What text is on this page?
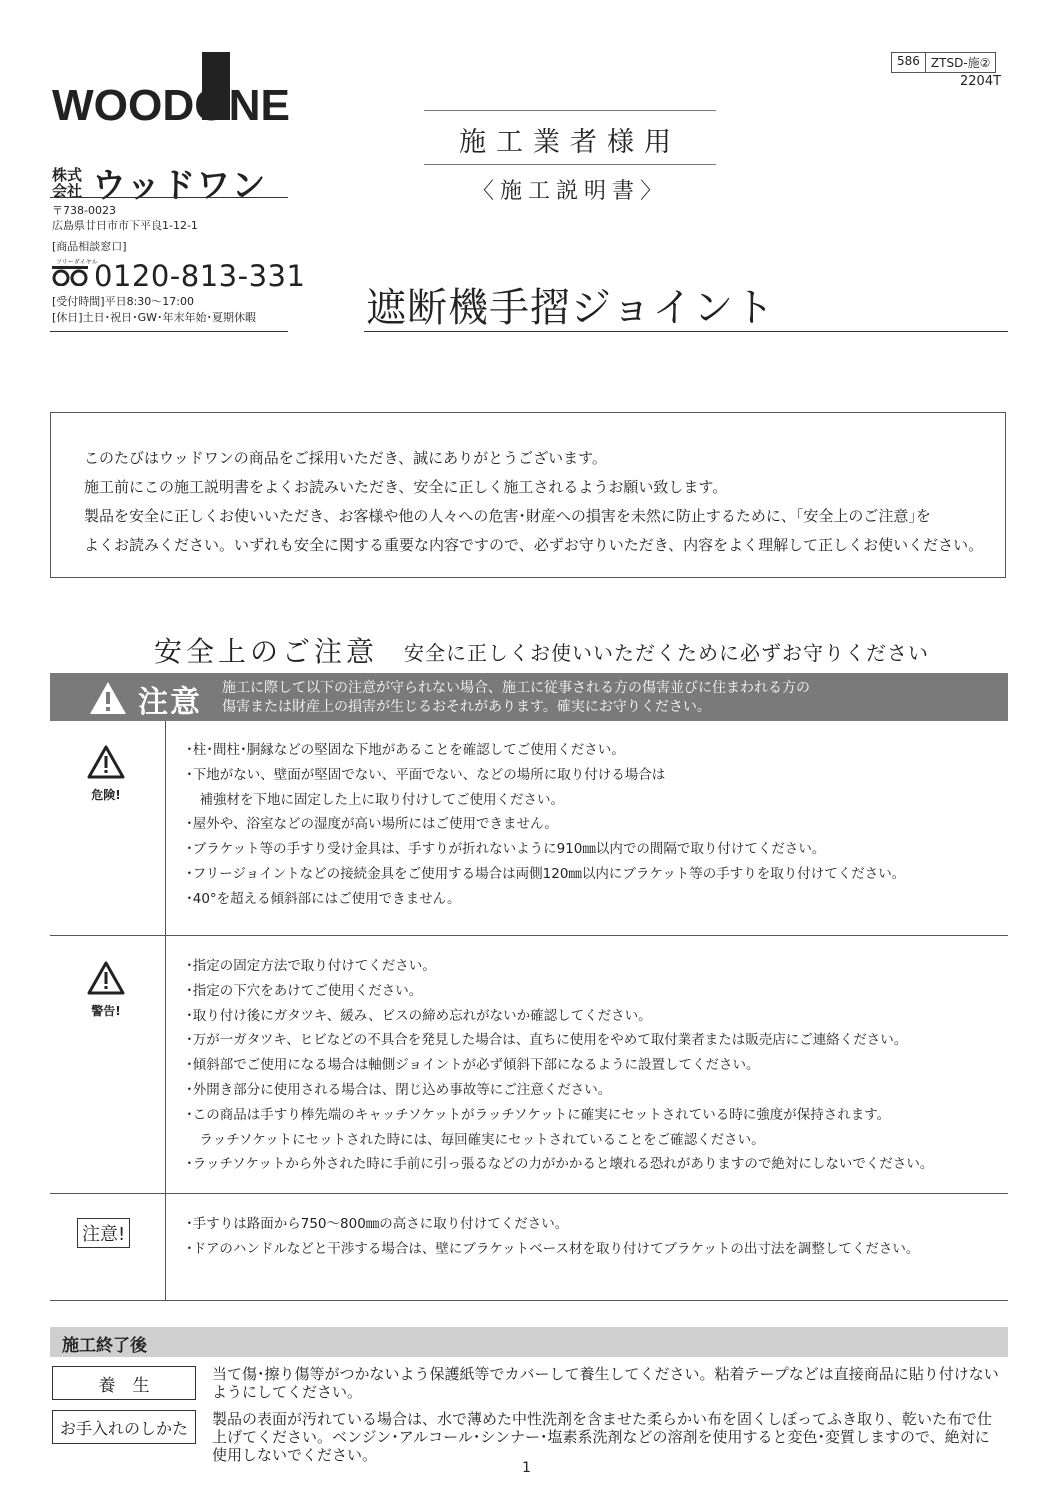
WOODONE
株式
会社 ウッドワン
〒738-0023
広島県廿日市市下平良1-12-1
[商品相談窓口]
フリーダイヤル
0120-813-331
[受付時間]平日8:30～17:00
[休日]土日･祝日･GW･年末年始･夏期休暇
586 ZTSD-施②
2204T
施工業者様用
〈施工説明書〉
遮断機手摺ジョイント
このたびはウッドワンの商品をご採用いただき、誠にありがとうございます。
施工前にこの施工説明書をよくお読みいただき、安全に正しく施工されるようお願い致します。
製品を安全に正しくお使いいただき、お客様や他の人々への危害･財産への損害を未然に防止するために、｢安全上のご注意｣を
よくお読みください。いずれも安全に関する重要な内容ですので、必ずお守りいただき、内容をよく理解して正しくお使いください。
安全上のご注意 安全に正しくお使いいただくために必ずお守りください
注意 施工に際して以下の注意が守られない場合、施工に従事される方の傷害並びに住まわれる方の
傷害または財産上の損害が生じるおそれがあります。確実にお守りください。
危険!
･柱･間柱･胴縁などの堅固な下地があることを確認してご使用ください。
･下地がない、壁面が堅固でない、平面でない、などの場所に取り付ける場合は
　補強材を下地に固定した上に取り付けしてご使用ください。
･屋外や、浴室などの湿度が高い場所にはご使用できません。
･ブラケット等の手すり受け金具は、手すりが折れないように910㎜以内での間隔で取り付けてください。
･フリージョイントなどの接続金具をご使用する場合は両側120㎜以内にブラケット等の手すりを取り付けてください。
･40°を超える傾斜部にはご使用できません。
警告!
･指定の固定方法で取り付けてください。
･指定の下穴をあけてご使用ください。
･取り付け後にガタツキ、緩み、ビスの締め忘れがないか確認してください。
･万が一ガタツキ、ヒビなどの不具合を発見した場合は、直ちに使用をやめて取付業者または販売店にご連絡ください。
･傾斜部でご使用になる場合は軸側ジョイントが必ず傾斜下部になるように設置してください。
･外開き部分に使用される場合は、閉じ込め事故等にご注意ください。
･この商品は手すり棒先端のキャッチソケットがラッチソケットに確実にセットされている時に強度が保持されます。
　ラッチソケットにセットされた時には、毎回確実にセットされていることをご確認ください。
･ラッチソケットから外された時に手前に引っ張るなどの力がかかると壊れる恐れがありますので絶対にしないでください。
注意!	･手すりは路面から750～800㎜の高さに取り付けてください。
･ドアのハンドルなどと干渉する場合は、壁にブラケットベース材を取り付けてブラケットの出寸法を調整してください。
施工終了後
養　生
当て傷･擦り傷等がつかないよう保護紙等でカバーして養生してください。粘着テープなどは直接商品に貼り付けないようにしてください。
お手入れのしかた	製品の表面が汚れている場合は、水で薄めた中性洗剤を含ませた柔らかい布を固くしぼってふき取り、乾いた布で仕上げてください。ベンジン･アルコール･シンナー･塩素系洗剤などの溶剤を使用すると変色･変質しますので、絶対に使用しないでください。
1
